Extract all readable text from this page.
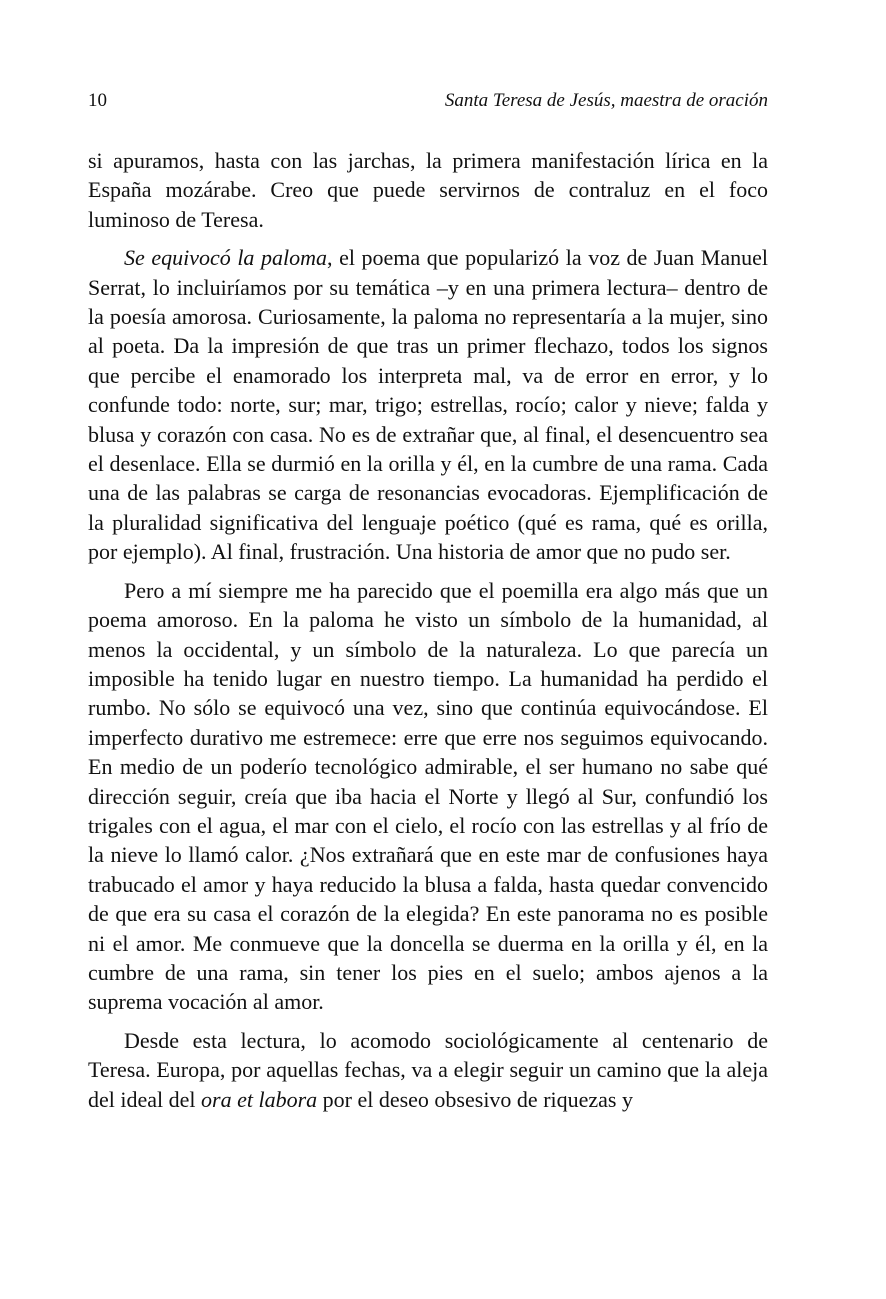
10	Santa Teresa de Jesús, maestra de oración

si apuramos, hasta con las jarchas, la primera manifestación lírica en la España mozárabe. Creo que puede servirnos de contraluz en el foco luminoso de Teresa.

Se equivocó la paloma, el poema que popularizó la voz de Juan Manuel Serrat, lo incluiríamos por su temática –y en una primera lectura– dentro de la poesía amorosa. Curiosamente, la paloma no representaría a la mujer, sino al poeta. Da la impresión de que tras un primer flechazo, todos los signos que percibe el enamorado los interpreta mal, va de error en error, y lo confunde todo: norte, sur; mar, trigo; estrellas, rocío; calor y nieve; falda y blusa y corazón con casa. No es de extrañar que, al final, el desencuentro sea el desenlace. Ella se durmió en la orilla y él, en la cumbre de una rama. Cada una de las palabras se carga de resonancias evocadoras. Ejemplificación de la pluralidad significativa del lenguaje poético (qué es rama, qué es orilla, por ejemplo). Al final, frustración. Una historia de amor que no pudo ser.

Pero a mí siempre me ha parecido que el poemilla era algo más que un poema amoroso. En la paloma he visto un símbolo de la humanidad, al menos la occidental, y un símbolo de la naturaleza. Lo que parecía un imposible ha tenido lugar en nuestro tiempo. La humanidad ha perdido el rumbo. No sólo se equivocó una vez, sino que continúa equivocándose. El imperfecto durativo me estremece: erre que erre nos seguimos equivocando. En medio de un poderío tecnológico admirable, el ser humano no sabe qué dirección seguir, creía que iba hacia el Norte y llegó al Sur, confundió los trigales con el agua, el mar con el cielo, el rocío con las estrellas y al frío de la nieve lo llamó calor. ¿Nos extrañará que en este mar de confusiones haya trabucado el amor y haya reducido la blusa a falda, hasta quedar convencido de que era su casa el corazón de la elegida? En este panorama no es posible ni el amor. Me conmueve que la doncella se duerma en la orilla y él, en la cumbre de una rama, sin tener los pies en el suelo; ambos ajenos a la suprema vocación al amor.

Desde esta lectura, lo acomodo sociológicamente al centenario de Teresa. Europa, por aquellas fechas, va a elegir seguir un camino que la aleja del ideal del ora et labora por el deseo obsesivo de riquezas y
